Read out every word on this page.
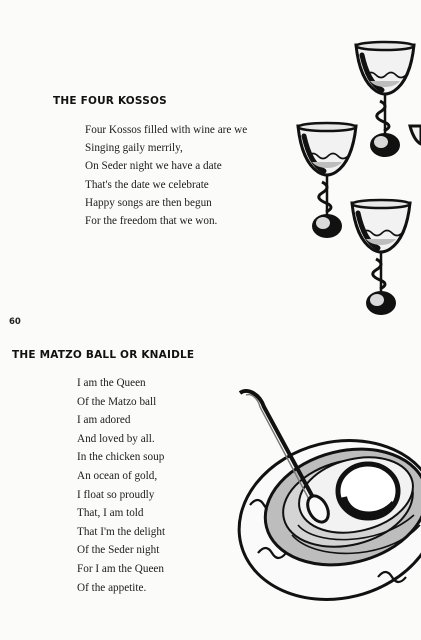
THE FOUR KOSSOS
Four Kossos filled with wine are we
Singing gaily merrily,
On Seder night we have a date
That's the date we celebrate
Happy songs are then begun
For the freedom that we won.
60
THE MATZO BALL OR KNAIDLE
I am the Queen
Of the Matzo ball
I am adored
And loved by all.
In the chicken soup
An ocean of gold,
I float so proudly
That, I am told
That I'm the delight
Of the Seder night
For I am the Queen
Of the appetite.
